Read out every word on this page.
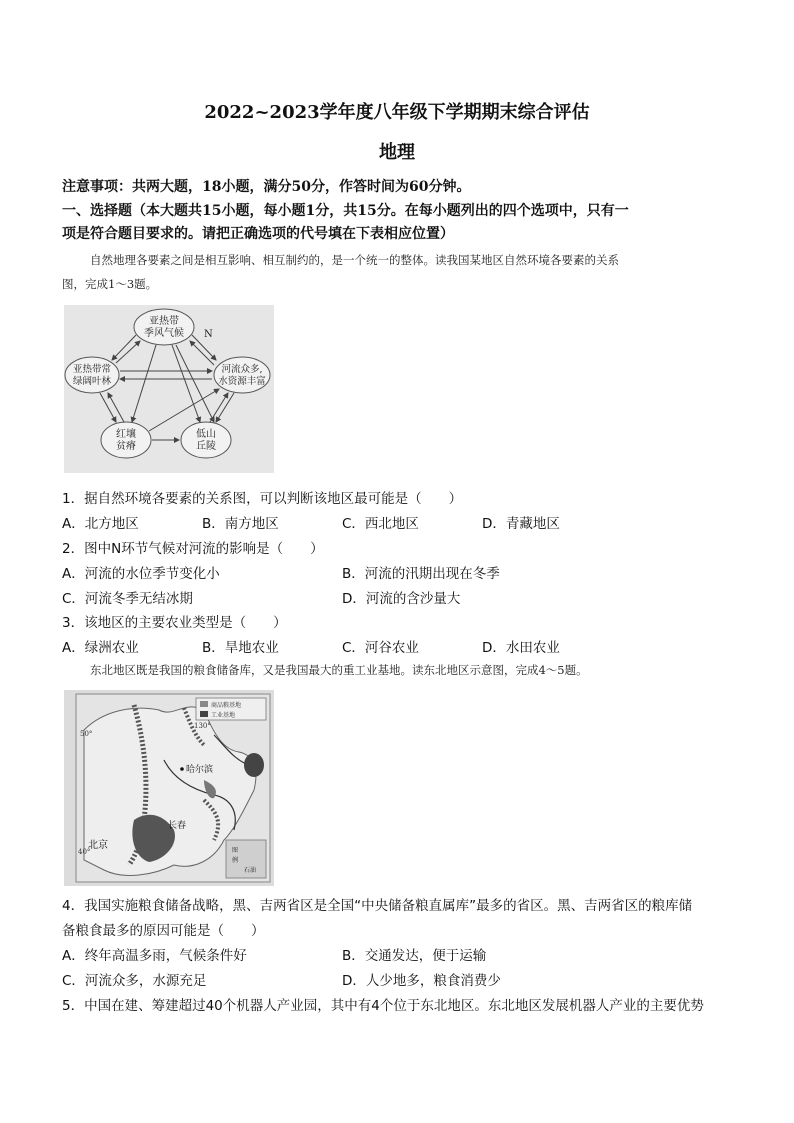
2022~2023学年度八年级下学期期末综合评估
地理
注意事项：共两大题，18小题，满分50分，作答时间为60分钟。
一、选择题（本大题共15小题，每小题1分，共15分。在每小题列出的四个选项中，只有一
项是符合题目要求的。请把正确选项的代号填在下表相应位置）
自然地理各要素之间是相互影响、相互制约的，是一个统一的整体。读我国某地区自然环境各要素的关系
图，完成1～3题。
N
亚热带
季风气候
亚热带常
绿阔叶林
河流众多,
水资源丰富
红壤
贫瘠
低山
丘陵
1．据自然环境各要素的关系图，可以判断该地区最可能是（　　）
A．北方地区	B．南方地区	C．西北地区	D．青藏地区
2．图中N环节气候对河流的影响是（　　）
A．河流的水位季节变化小	B．河流的汛期出现在冬季
C．河流冬季无结冰期	D．河流的含沙量大
3．该地区的主要农业类型是（　　）
A．绿洲农业	B．旱地农业	C．河谷农业	D．水田农业
东北地区既是我国的粮食储备库，又是我国最大的重工业基地。读东北地区示意图，完成4～5题。
商品粮基地
工业基地
50°
40°
130°
哈尔滨
长春
北京	图
例
石油
4．我国实施粮食储备战略，黑、吉两省区是全国“中央储备粮直属库”最多的省区。黑、吉两省区的粮库储
备粮食最多的原因可能是（　　）
A．终年高温多雨，气候条件好	B．交通发达，便于运输
C．河流众多，水源充足	D．人少地多，粮食消费少
5．中国在建、筹建超过40个机器人产业园，其中有4个位于东北地区。东北地区发展机器人产业的主要优势
